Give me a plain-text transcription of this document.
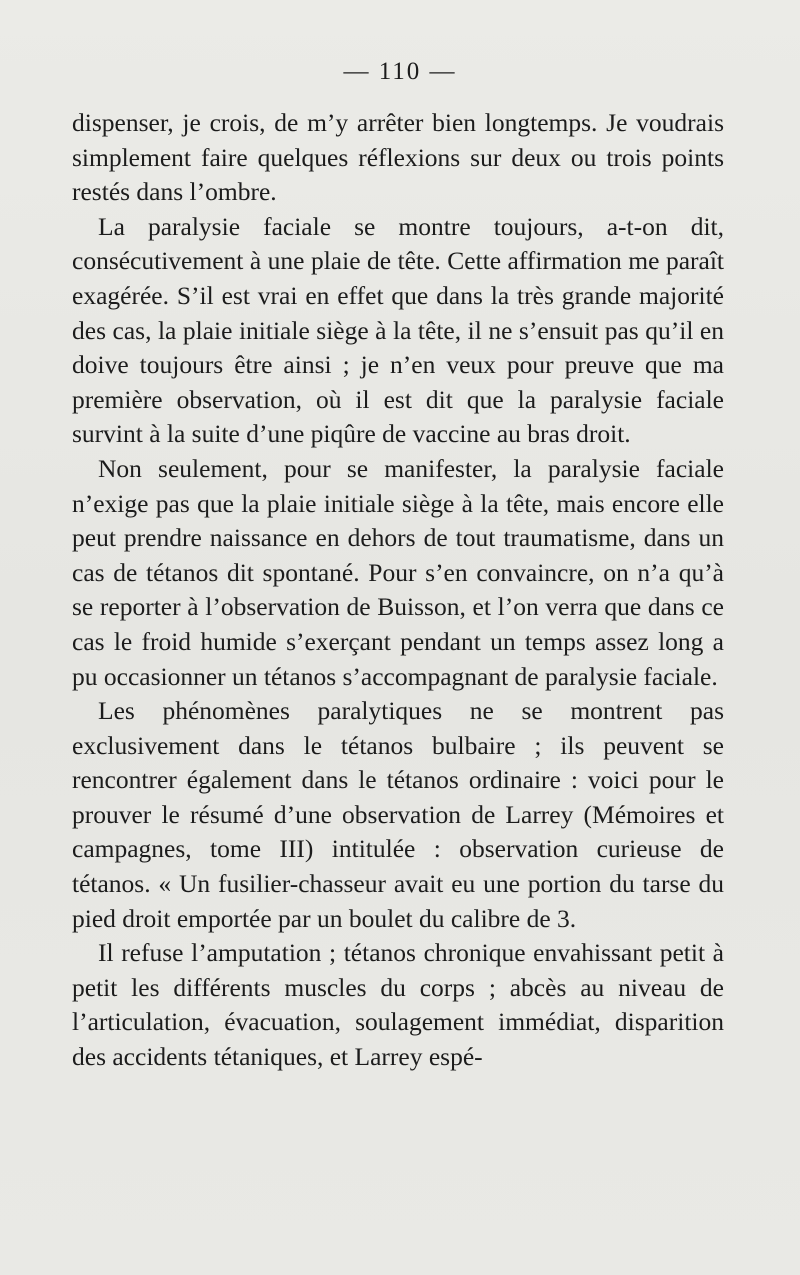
— 110 —

dispenser, je crois, de m’y arrêter bien longtemps. Je voudrais simplement faire quelques réflexions sur deux ou trois points restés dans l’ombre.

La paralysie faciale se montre toujours, a-t-on dit, consécutivement à une plaie de tête. Cette affirmation me paraît exagérée. S’il est vrai en effet que dans la très grande majorité des cas, la plaie initiale siège à la tête, il ne s’ensuit pas qu’il en doive toujours être ainsi ; je n’en veux pour preuve que ma première observation, où il est dit que la paralysie faciale survint à la suite d’une piqûre de vaccine au bras droit.

Non seulement, pour se manifester, la paralysie faciale n’exige pas que la plaie initiale siège à la tête, mais encore elle peut prendre naissance en dehors de tout traumatisme, dans un cas de tétanos dit spontané. Pour s’en convaincre, on n’a qu’à se reporter à l’observation de Buisson, et l’on verra que dans ce cas le froid humide s’exerçant pendant un temps assez long a pu occasionner un tétanos s’accompagnant de paralysie faciale.

Les phénomènes paralytiques ne se montrent pas exclusivement dans le tétanos bulbaire ; ils peuvent se rencontrer également dans le tétanos ordinaire : voici pour le prouver le résumé d’une observation de Larrey (Mémoires et campagnes, tome III) intitulée : observation curieuse de tétanos. « Un fusilier-chasseur avait eu une portion du tarse du pied droit emportée par un boulet du calibre de 3.

Il refuse l’amputation ; tétanos chronique envahissant petit à petit les différents muscles du corps ; abcès au niveau de l’articulation, évacuation, soulagement immédiat, disparition des accidents tétaniques, et Larrey espé-
